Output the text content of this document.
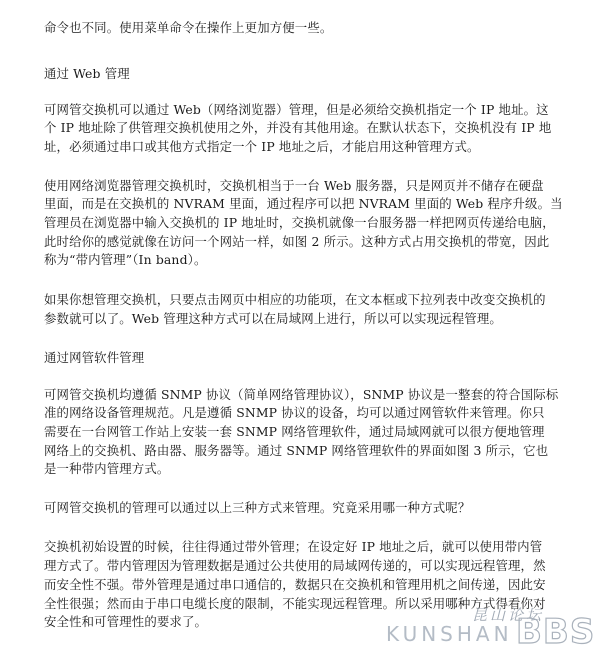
命令也不同。使用菜单命令在操作上更加方便一些。
通过 Web 管理
可网管交换机可以通过 Web（网络浏览器）管理，但是必须给交换机指定一个 IP 地址。这
个 IP 地址除了供管理交换机使用之外，并没有其他用途。在默认状态下，交换机没有 IP 地
址，必须通过串口或其他方式指定一个 IP 地址之后，才能启用这种管理方式。
使用网络浏览器管理交换机时，交换机相当于一台 Web 服务器，只是网页并不储存在硬盘
里面，而是在交换机的 NVRAM 里面，通过程序可以把 NVRAM 里面的 Web 程序升级。当
管理员在浏览器中输入交换机的 IP 地址时，交换机就像一台服务器一样把网页传递给电脑，
此时给你的感觉就像在访问一个网站一样，如图 2 所示。这种方式占用交换机的带宽，因此
称为“带内管理”（In band）。
如果你想管理交换机，只要点击网页中相应的功能项，在文本框或下拉列表中改变交换机的
参数就可以了。Web 管理这种方式可以在局域网上进行，所以可以实现远程管理。
通过网管软件管理
可网管交换机均遵循 SNMP 协议（简单网络管理协议），SNMP 协议是一整套的符合国际标
准的网络设备管理规范。凡是遵循 SNMP 协议的设备，均可以通过网管软件来管理。你只
需要在一台网管工作站上安装一套 SNMP 网络管理软件，通过局域网就可以很方便地管理
网络上的交换机、路由器、服务器等。通过 SNMP 网络管理软件的界面如图 3 所示，它也
是一种带内管理方式。
可网管交换机的管理可以通过以上三种方式来管理。究竟采用哪一种方式呢？
交换机初始设置的时候，往往得通过带外管理；在设定好 IP 地址之后，就可以使用带内管
理方式了。带内管理因为管理数据是通过公共使用的局域网传递的，可以实现远程管理，然
而安全性不强。带外管理是通过串口通信的，数据只在交换机和管理用机之间传递，因此安
全性很强；然而由于串口电缆长度的限制，不能实现远程管理。所以采用哪种方式得看你对
安全性和可管理性的要求了。	昆山论坛
KUNSHAN BBS
